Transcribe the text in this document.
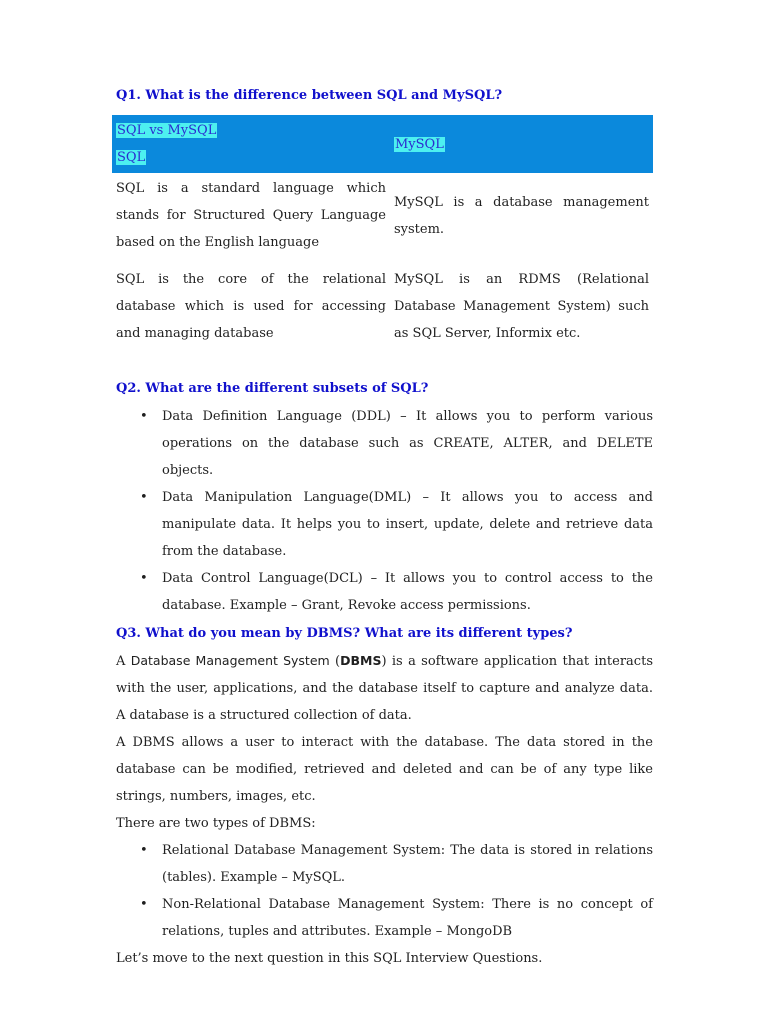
Q1. What is the difference between SQL and MySQL?

SQL vs MySQL
SQL	MySQL
SQL is a standard language which stands for Structured Query Language based on the English language	MySQL is a database management system.
SQL is the core of the relational database which is used for accessing and managing database	MySQL is an RDMS (Relational Database Management System) such as SQL Server, Informix etc.

Q2. What are the different subsets of SQL?

• Data Definition Language (DDL) – It allows you to perform various operations on the database such as CREATE, ALTER, and DELETE objects.
• Data Manipulation Language(DML) – It allows you to access and manipulate data. It helps you to insert, update, delete and retrieve data from the database.
• Data Control Language(DCL) – It allows you to control access to the database. Example – Grant, Revoke access permissions.

Q3. What do you mean by DBMS? What are its different types?

A Database Management System (DBMS) is a software application that interacts with the user, applications, and the database itself to capture and analyze data. A database is a structured collection of data.

A DBMS allows a user to interact with the database. The data stored in the database can be modified, retrieved and deleted and can be of any type like strings, numbers, images, etc.

There are two types of DBMS:

• Relational Database Management System: The data is stored in relations (tables). Example – MySQL.
• Non-Relational Database Management System: There is no concept of relations, tuples and attributes. Example – MongoDB

Let’s move to the next question in this SQL Interview Questions.
